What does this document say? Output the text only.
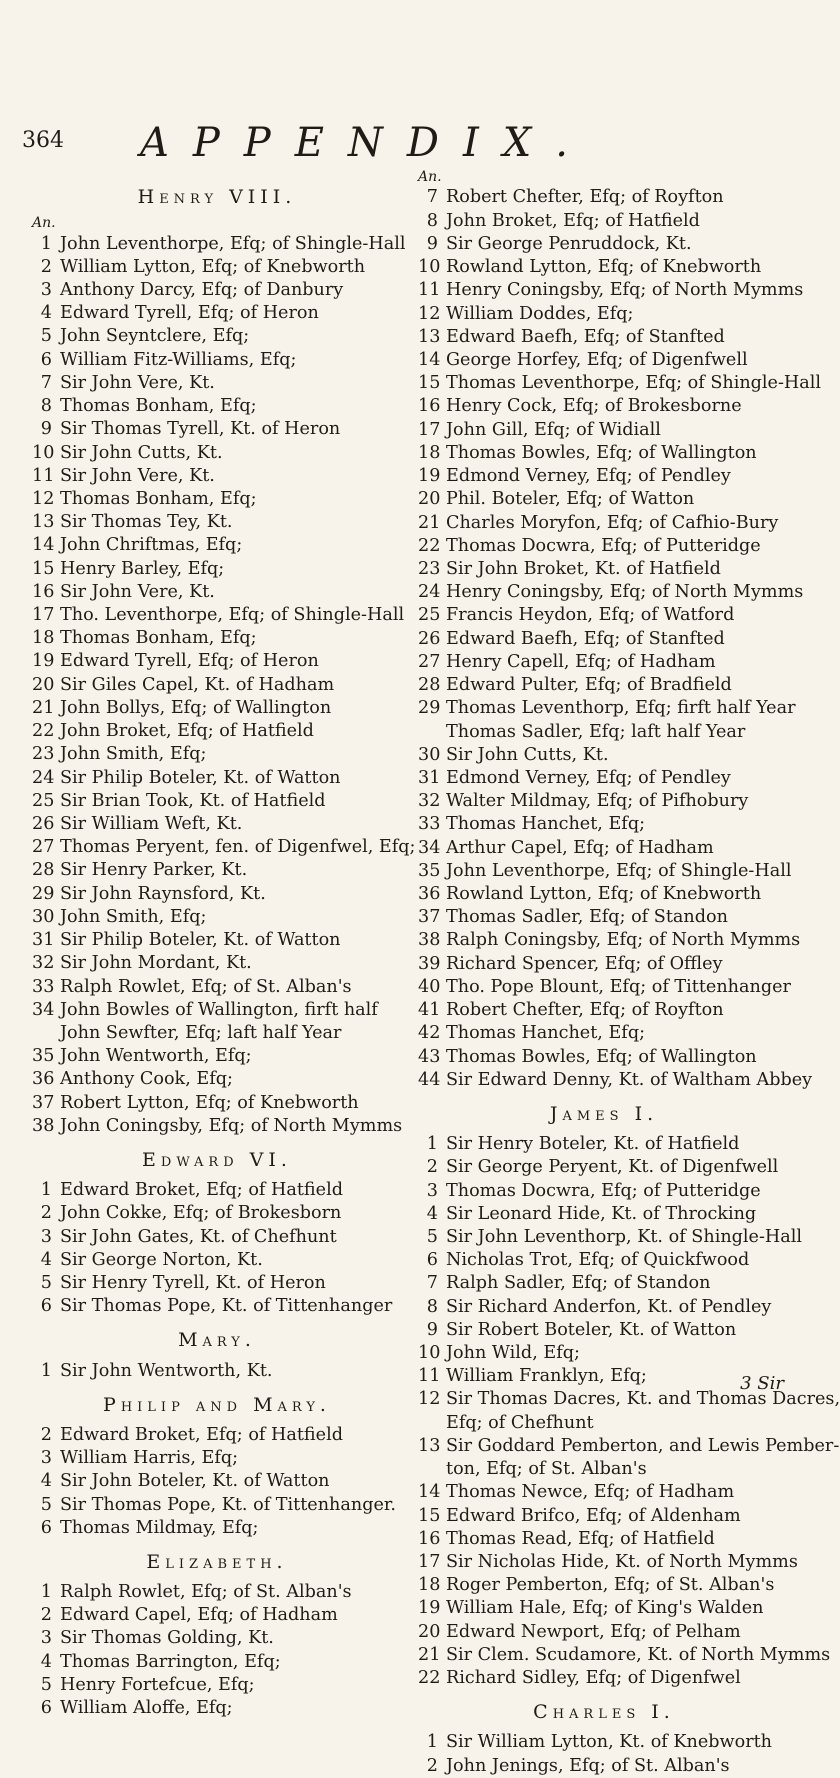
364 APPENDIX.
Henry VIII.
An.
1 John Leventhorpe, Efq; of Shingle-Hall
2 William Lytton, Efq; of Knebworth
3 Anthony Darcy, Efq; of Danbury
4 Edward Tyrell, Efq; of Heron
5 John Seyntclere, Efq;
6 William Fitz-Williams, Efq;
7 Sir John Vere, Kt.
8 Thomas Bonham, Efq;
9 Sir Thomas Tyrell, Kt. of Heron
10 Sir John Cutts, Kt.
11 Sir John Vere, Kt.
12 Thomas Bonham, Efq;
13 Sir Thomas Tey, Kt.
14 John Chriftmas, Efq;
15 Henry Barley, Efq;
16 Sir John Vere, Kt.
17 Tho. Leventhorpe, Efq; of Shingle-Hall
18 Thomas Bonham, Efq;
19 Edward Tyrell, Efq; of Heron
20 Sir Giles Capel, Kt. of Hadham
21 John Bollys, Efq; of Wallington
22 John Broket, Efq; of Hatfield
23 John Smith, Efq;
24 Sir Philip Boteler, Kt. of Watton
25 Sir Brian Took, Kt. of Hatfield
26 Sir William Weft, Kt.
27 Thomas Peryent, fen. of Digenfwel, Efq;
28 Sir Henry Parker, Kt.
29 Sir John Raynsford, Kt.
30 John Smith, Efq;
31 Sir Philip Boteler, Kt. of Watton
32 Sir John Mordant, Kt.
33 Ralph Rowlet, Efq; of St. Alban's
34 John Bowles of Wallington, firft half
John Sewfter, Efq; laft half Year
35 John Wentworth, Efq;
36 Anthony Cook, Efq;
37 Robert Lytton, Efq; of Knebworth
38 John Coningsby, Efq; of North Mymms
Edward VI.
1 Edward Broket, Efq; of Hatfield
2 John Cokke, Efq; of Brokesborn
3 Sir John Gates, Kt. of Chefhunt
4 Sir George Norton, Kt.
5 Sir Henry Tyrell, Kt. of Heron
6 Sir Thomas Pope, Kt. of Tittenhanger
Mary.
1 Sir John Wentworth, Kt.
Philip and Mary.
2 Edward Broket, Efq; of Hatfield
3 William Harris, Efq;
4 Sir John Boteler, Kt. of Watton
5 Sir Thomas Pope, Kt. of Tittenhanger.
6 Thomas Mildmay, Efq;
Elizabeth.
1 Ralph Rowlet, Efq; of St. Alban's
2 Edward Capel, Efq; of Hadham
3 Sir Thomas Golding, Kt.
4 Thomas Barrington, Efq;
5 Henry Fortefcue, Efq;
6 William Aloffe, Efq;
An.
7 Robert Chefter, Efq; of Royfton
8 John Broket, Efq; of Hatfield
9 Sir George Penruddock, Kt.
10 Rowland Lytton, Efq; of Knebworth
11 Henry Coningsby, Efq; of North Mymms
12 William Doddes, Efq;
13 Edward Baefh, Efq; of Stanfted
14 George Horfey, Efq; of Digenfwell
15 Thomas Leventhorpe, Efq; of Shingle-Hall
16 Henry Cock, Efq; of Brokesborne
17 John Gill, Efq; of Widiall
18 Thomas Bowles, Efq; of Wallington
19 Edmond Verney, Efq; of Pendley
20 Phil. Boteler, Efq; of Watton
21 Charles Moryfon, Efq; of Cafhio-Bury
22 Thomas Docwra, Efq; of Putteridge
23 Sir John Broket, Kt. of Hatfield
24 Henry Coningsby, Efq; of North Mymms
25 Francis Heydon, Efq; of Watford
26 Edward Baefh, Efq; of Stanfted
27 Henry Capell, Efq; of Hadham
28 Edward Pulter, Efq; of Bradfield
29 Thomas Leventhorp, Efq; firft half Year
Thomas Sadler, Efq; laft half Year
30 Sir John Cutts, Kt.
31 Edmond Verney, Efq; of Pendley
32 Walter Mildmay, Efq; of Pifhobury
33 Thomas Hanchet, Efq;
34 Arthur Capel, Efq; of Hadham
35 John Leventhorpe, Efq; of Shingle-Hall
36 Rowland Lytton, Efq; of Knebworth
37 Thomas Sadler, Efq; of Standon
38 Ralph Coningsby, Efq; of North Mymms
39 Richard Spencer, Efq; of Offley
40 Tho. Pope Blount, Efq; of Tittenhanger
41 Robert Chefter, Efq; of Royfton
42 Thomas Hanchet, Efq;
43 Thomas Bowles, Efq; of Wallington
44 Sir Edward Denny, Kt. of Waltham Abbey
James I.
1 Sir Henry Boteler, Kt. of Hatfield
2 Sir George Peryent, Kt. of Digenfwell
3 Thomas Docwra, Efq; of Putteridge
4 Sir Leonard Hide, Kt. of Throcking
5 Sir John Leventhorp, Kt. of Shingle-Hall
6 Nicholas Trot, Efq; of Quickfwood
7 Ralph Sadler, Efq; of Standon
8 Sir Richard Anderfon, Kt. of Pendley
9 Sir Robert Boteler, Kt. of Watton
10 John Wild, Efq;
11 William Franklyn, Efq;
12 Sir Thomas Dacres, Kt. and Thomas Dacres,
Efq; of Chefhunt
13 Sir Goddard Pemberton, and Lewis Pember-
ton, Efq; of St. Alban's
14 Thomas Newce, Efq; of Hadham
15 Edward Brifco, Efq; of Aldenham
16 Thomas Read, Efq; of Hatfield
17 Sir Nicholas Hide, Kt. of North Mymms
18 Roger Pemberton, Efq; of St. Alban's
19 William Hale, Efq; of King's Walden
20 Edward Newport, Efq; of Pelham
21 Sir Clem. Scudamore, Kt. of North Mymms
22 Richard Sidley, Efq; of Digenfwel
Charles I.
1 Sir William Lytton, Kt. of Knebworth
2 John Jenings, Efq; of St. Alban's
3 Sir
